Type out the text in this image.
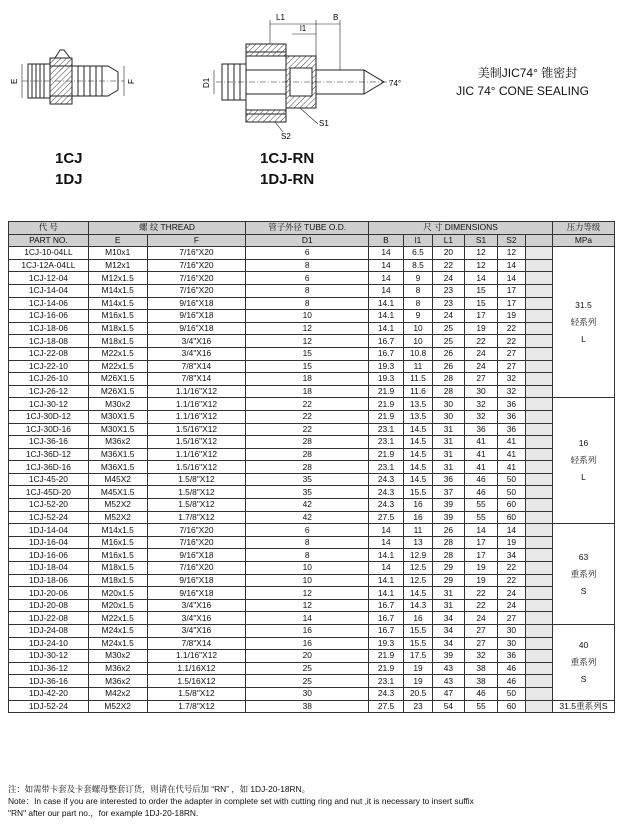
E	F
L1	B
l1
D1
S1
S2
74°
美制JIC74° 锥密封
JIC 74° CONE SEALING
1CJ
1DJ
1CJ-RN
1DJ-RN
代 号	螺 纹 THREAD		管子外径 TUBE O.D.	尺 寸 DIMENSIONS						压力等级
PART NO.	E	F	D1	B	l1	L1	S1	S2		MPa
1CJ-10-04LL	M10x1	7/16"X20	6	14	6.5	20	12	12		31.5
轻系列
L

1CJ-12A-04LL	M12x1	7/16"X20	8	14	8.5	22	12	14		
1CJ-12-04	M12x1.5	7/16"X20	6	14	9	24	14	14		
1CJ-14-04	M14x1.5	7/16"X20	8	14	8	23	15	17		
1CJ-14-06	M14x1.5	9/16"X18	8	14.1	8	23	15	17		
1CJ-16-06	M16x1.5	9/16"X18	10	14.1	9	24	17	19		
1CJ-18-06	M18x1.5	9/16"X18	12	14.1	10	25	19	22		
1CJ-18-08	M18x1.5	3/4"X16	12	16.7	10	25	22	22		
1CJ-22-08	M22x1.5	3/4"X16	15	16.7	10.8	26	24	27		
1CJ-22-10	M22x1.5	7/8"X14	15	19.3	11	26	24	27		
1CJ-26-10	M26X1.5	7/8"X14	18	19.3	11.5	28	27	32		
1CJ-26-12	M26X1.5	1.1/16"X12	18	21.9	11.6	28	30	32		
1CJ-30-12	M30x2	1.1/16"X12	22	21.9	13.5	30	32	36		16
轻系列
L

1CJ-30D-12	M30X1.5	1.1/16"X12	22	21.9	13.5	30	32	36		
1CJ-30D-16	M30X1.5	1.5/16"X12	22	23.1	14.5	31	36	36		
1CJ-36-16	M36x2	1.5/16"X12	28	23.1	14.5	31	41	41		
1CJ-36D-12	M36X1.5	1.1/16"X12	28	21.9	14.5	31	41	41		
1CJ-36D-16	M36X1.5	1.5/16"X12	28	23.1	14.5	31	41	41		
1CJ-45-20	M45X2	1.5/8"X12	35	24.3	14.5	36	46	50		
1CJ-45D-20	M45X1.5	1.5/8"X12	35	24.3	15.5	37	46	50		
1CJ-52-20	M52X2	1.5/8"X12	42	24.3	16	39	55	60		
1CJ-52-24	M52X2	1.7/8"X12	42	27.5	16	39	55	60		
1DJ-14-04	M14x1.5	7/16"X20	6	14	11	26	14	14		63
重系列
S

1DJ-16-04	M16x1.5	7/16"X20	8	14	13	28	17	19		
1DJ-16-06	M16x1.5	9/16"X18	8	14.1	12.9	28	17	34		
1DJ-18-04	M18x1.5	7/16"X20	10	14	12.5	29	19	22		
1DJ-18-06	M18x1.5	9/16"X18	10	14.1	12.5	29	19	22		
1DJ-20-06	M20x1.5	9/16"X18	12	14.1	14.5	31	22	24		
1DJ-20-08	M20x1.5	3/4"X16	12	16.7	14.3	31	22	24		
1DJ-22-08	M22x1.5	3/4"X16	14	16.7	16	34	24	27		
1DJ-24-08	M24x1.5	3/4"X16	16	16.7	15.5	34	27	30		40
重系列
S

1DJ-24-10	M24x1.5	7/8"X14	16	19.3	15.5	34	27	30		
1DJ-30-12	M30x2	1.1/16"X12	20	21.9	17.5	39	32	36		
1DJ-36-12	M36x2	1.1/16X12	25	21.9	19	43	38	46		
1DJ-36-16	M36x2	1.5/16X12	25	23.1	19	43	38	46		
1DJ-42-20	M42x2	1.5/8"X12	30	24.3	20.5	47	46	50		
1DJ-52-24	M52X2	1.7/8"X12	38	27.5	23	54	55	60		31.5重系列S
注：如需带卡套及卡套螺母整套订货，则请在代号后加 “RN” ，如 1DJ-20-18RN。
Note：In case if you are interested to order the adapter in complete set with cutting ring and nut ,it is necessary to insert suffix
"RN" after our part no.，for example 1DJ-20-18RN.
